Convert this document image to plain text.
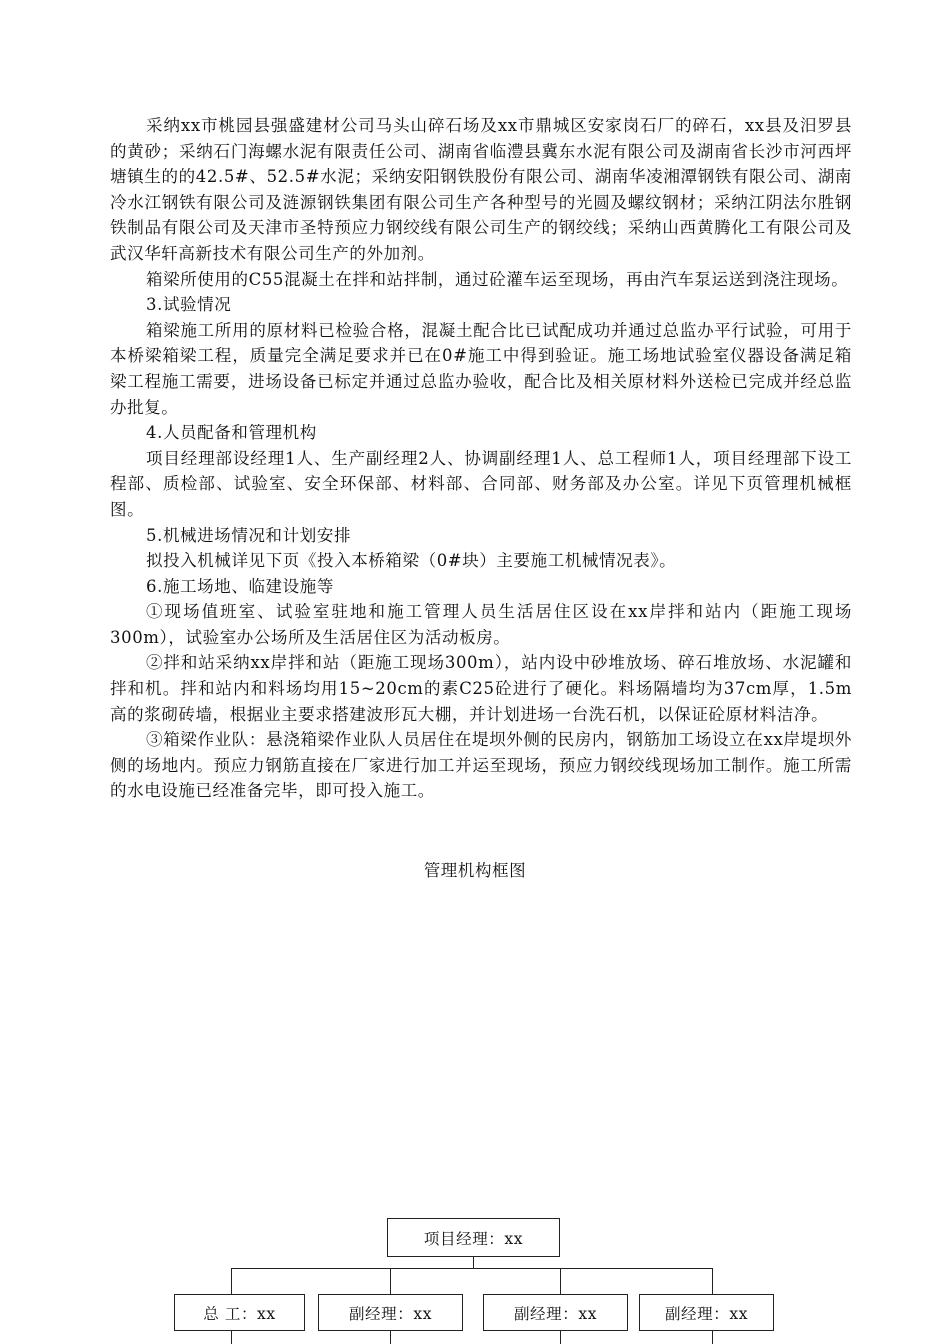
采纳xx市桃园县强盛建材公司马头山碎石场及xx市鼎城区安家岗石厂的碎石，xx县及汨罗县的黄砂；采纳石门海螺水泥有限责任公司、湖南省临澧县冀东水泥有限公司及湖南省长沙市河西坪塘镇生的的42.5#、52.5#水泥；采纳安阳钢铁股份有限公司、湖南华凌湘潭钢铁有限公司、湖南冷水江钢铁有限公司及涟源钢铁集团有限公司生产各种型号的光圆及螺纹钢材；采纳江阴法尔胜钢铁制品有限公司及天津市圣特预应力钢绞线有限公司生产的钢绞线；采纳山西黄腾化工有限公司及武汉华轩高新技术有限公司生产的外加剂。

箱梁所使用的C55混凝土在拌和站拌制，通过砼灌车运至现场，再由汽车泵运送到浇注现场。

3.试验情况

箱梁施工所用的原材料已检验合格，混凝土配合比已试配成功并通过总监办平行试验，可用于本桥梁箱梁工程，质量完全满足要求并已在0#施工中得到验证。施工场地试验室仪器设备满足箱梁工程施工需要，进场设备已标定并通过总监办验收，配合比及相关原材料外送检已完成并经总监办批复。

4.人员配备和管理机构

项目经理部设经理1人、生产副经理2人、协调副经理1人、总工程师1人，项目经理部下设工程部、质检部、试验室、安全环保部、材料部、合同部、财务部及办公室。详见下页管理机械框图。

5.机械进场情况和计划安排

拟投入机械详见下页《投入本桥箱梁（0#块）主要施工机械情况表》。

6.施工场地、临建设施等

①现场值班室、试验室驻地和施工管理人员生活居住区设在xx岸拌和站内（距施工现场300m），试验室办公场所及生活居住区为活动板房。

②拌和站采纳xx岸拌和站（距施工现场300m），站内设中砂堆放场、碎石堆放场、水泥罐和拌和机。拌和站内和料场均用15~20cm的素C25砼进行了硬化。料场隔墙均为37cm厚，1.5m高的浆砌砖墙，根据业主要求搭建波形瓦大棚，并计划进场一台洗石机，以保证砼原材料洁净。

③箱梁作业队：悬浇箱梁作业队人员居住在堤坝外侧的民房内，钢筋加工场设立在xx岸堤坝外侧的场地内。预应力钢筋直接在厂家进行加工并运至现场，预应力钢绞线现场加工制作。施工所需的水电设施已经准备完毕，即可投入施工。

管理机构框图
项目经理：xx
总 工：xx	副经理：xx	副经理：xx	副经理：xx
